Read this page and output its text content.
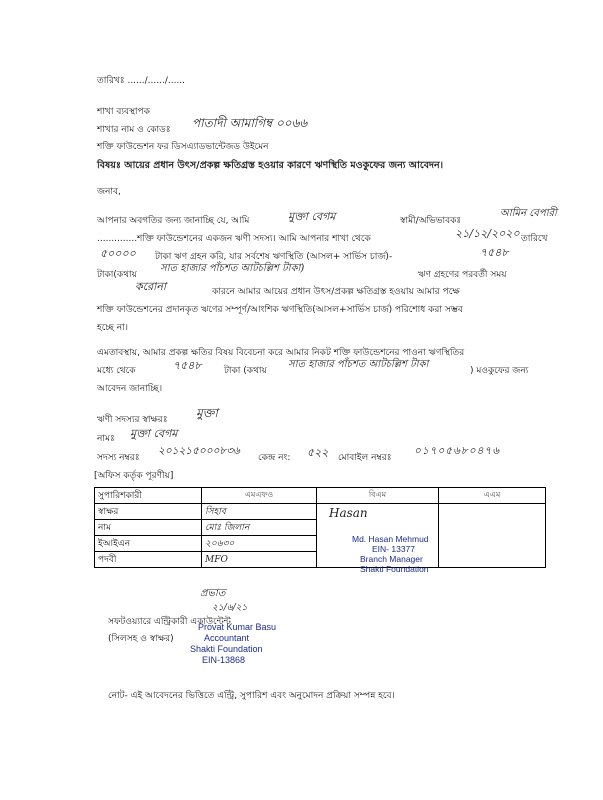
তারিখঃ ....../....../......
শাখা ব্যবস্থাপক
শাখার নাম ও কোডঃ পাতাদী আমাগিম্ব ০০৬৬
শক্তি ফাউন্ডেশন ফর ডিসএ্যাডভান্টেজড উইমেন
বিষয়ঃ আয়ের প্রধান উৎস/প্রকল্প ক্ষতিগ্রস্ত হওয়ার কারণে ঋণস্থিতি মওকুফের জন্য আবেদন।
জনাব,
আপনার অবগতির জন্য জানাচ্ছি যে, আমি	মুক্তা বেগম	স্বামী/অভিভাবকঃ
আমিন বেপারী
..............শক্তি ফাউন্ডেশনের একজন ঋণী সদস্য। আমি আপনার শাখা থেকে	২১/১২/২০২০ তারিখে
৫০০০০ টাকা ঋণ গ্রহন করি, যার সর্বশেষ ঋণস্থিতি (আসল+ সার্ভিস চার্জ)-	৭৫৪৮
টাকা(কথায়
সাত হাজার পাঁচশত আটচল্লিশ টাকা)
ঋণ গ্রহণের পরবর্তী সময়
করোনা	কারনে আমার আয়ের প্রধান উৎস/প্রকল্প ক্ষতিগ্রস্ত হওয়ায় আমার পক্ষে
শক্তি ফাউন্ডেশনের প্রদানকৃত ঋণের সম্পূর্ণ/আংশিক ঋণস্থিতি(আসল+সার্ভিস চার্জ) পরিশোধ করা সম্ভব
হচ্ছে না।
এমতাবস্থায়, আমার প্রকল্প ক্ষতির বিষয় বিবেচনা করে আমার নিকট শক্তি ফাউন্ডেশনের পাওনা ঋণস্থিতির
মধ্যে থেকে	৭৫৪৮ টাকা (কথায়
সাত হাজার পাঁচশত আটচল্লিশ টাকা
) মওকুফের জন্য
আবেদন জানাচ্ছি।
ঋণী সদস্যর স্বাক্ষরঃ মুক্তা
নামঃ মুক্তা বেগম
সদস্য নম্বরঃ
২০১২১৫০০০৮৩৬
কেন্দ্র নং: ৫২২ মোবাইল নম্বরঃ
০১৭০৫৬৮০৪৭৬
[অফিস কর্তৃক পূরণীয়]
সুপারিশকারী	এমএফও	বিএম	এএম
স্বাক্ষর	সিহাব	Hasan	

নাম	মোঃ জিলান		
ইআইএন	২০৬৩০		
পদবী	MFO		
Md. Hasan Mehmud
EIN- 13377
Branch Manager
Shakti Foundation
প্রভাত
২১/৬/২১
সফটওয়্যারে এন্ট্রিকারী একাউন্টেন্ট
(সিলসহ ও স্বাক্ষর)
Provat Kumar Basu
Accountant
Shakti Foundation
EIN-13868
নোট- এই আবেদনের ভিত্তিতে এন্ট্রি, সুপারিশ এবং অনুমোদন প্রক্রিয়া সম্পন্ন হবে।
